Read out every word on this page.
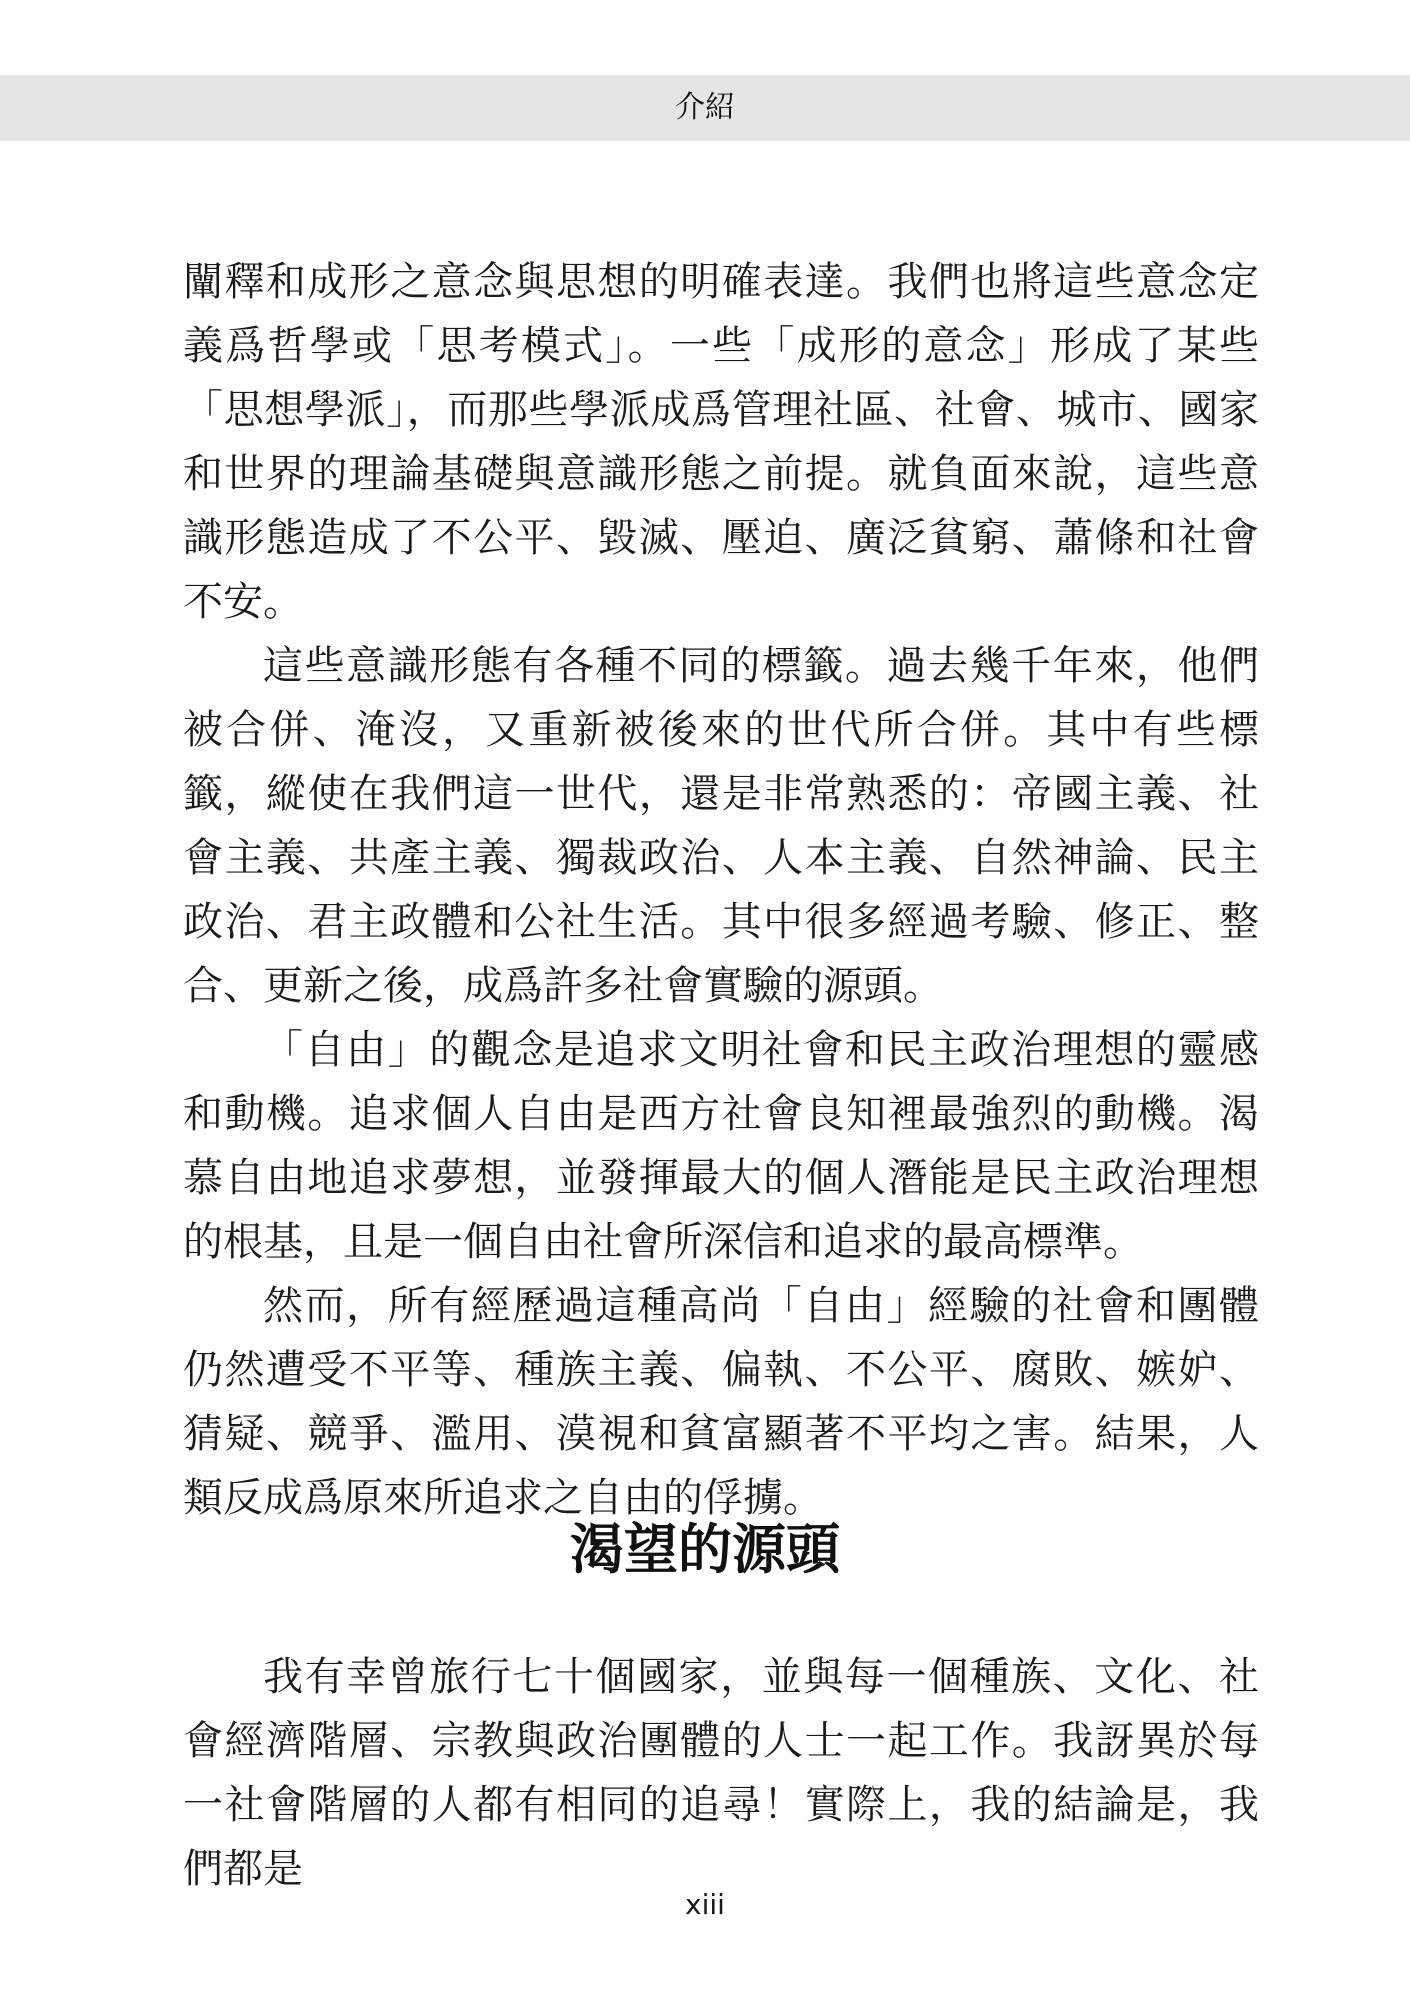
介紹

闡釋和成形之意念與思想的明確表達。我們也將這些意念定義爲哲學或「思考模式」。一些「成形的意念」形成了某些「思想學派」，而那些學派成爲管理社區、社會、城市、國家和世界的理論基礎與意識形態之前提。就負面來說，這些意識形態造成了不公平、毀滅、壓迫、廣泛貧窮、蕭條和社會不安。

這些意識形態有各種不同的標籤。過去幾千年來，他們被合併、淹沒，又重新被後來的世代所合併。其中有些標籤，縱使在我們這一世代，還是非常熟悉的：帝國主義、社會主義、共產主義、獨裁政治、人本主義、自然神論、民主政治、君主政體和公社生活。其中很多經過考驗、修正、整合、更新之後，成爲許多社會實驗的源頭。

「自由」的觀念是追求文明社會和民主政治理想的靈感和動機。追求個人自由是西方社會良知裡最強烈的動機。渴慕自由地追求夢想，並發揮最大的個人潛能是民主政治理想的根基，且是一個自由社會所深信和追求的最高標準。

然而，所有經歷過這種高尚「自由」經驗的社會和團體仍然遭受不平等、種族主義、偏執、不公平、腐敗、嫉妒、猜疑、競爭、濫用、漠視和貧富顯著不平均之害。結果，人類反成爲原來所追求之自由的俘擄。

渴望的源頭

我有幸曾旅行七十個國家，並與每一個種族、文化、社會經濟階層、宗教與政治團體的人士一起工作。我訝異於每一社會階層的人都有相同的追尋！實際上，我的結論是，我們都是

xiii
